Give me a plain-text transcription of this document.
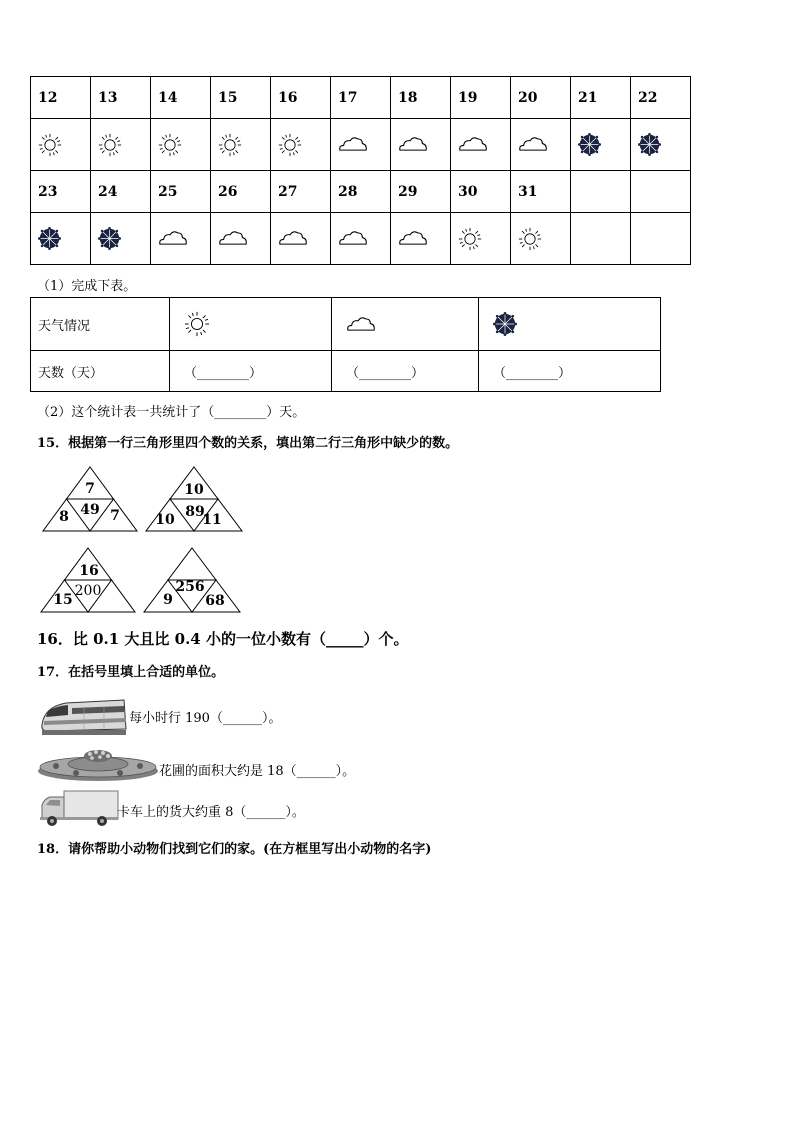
12	13	14	15	16	17	18	19	20	21	22

23	24	25	26	27	28	29	30	31		

（1）完成下表。
天气情况	

天数（天）	（________）	（________）	（________）
（2）这个统计表一共统计了（________）天。
15．根据第一行三角形里四个数的关系，填出第二行三角形中缺少的数。
7
49
8	7
10
89
10 11
16
200
15
256
9 68
16．比 0.1 大且比 0.4 小的一位小数有（_____）个。
17．在括号里填上合适的单位。
每小时行 190（______）。
花圃的面积大约是 18（______）。
卡车上的货大约重 8（______）。
18．请你帮助小动物们找到它们的家。(在方框里写出小动物的名字)
